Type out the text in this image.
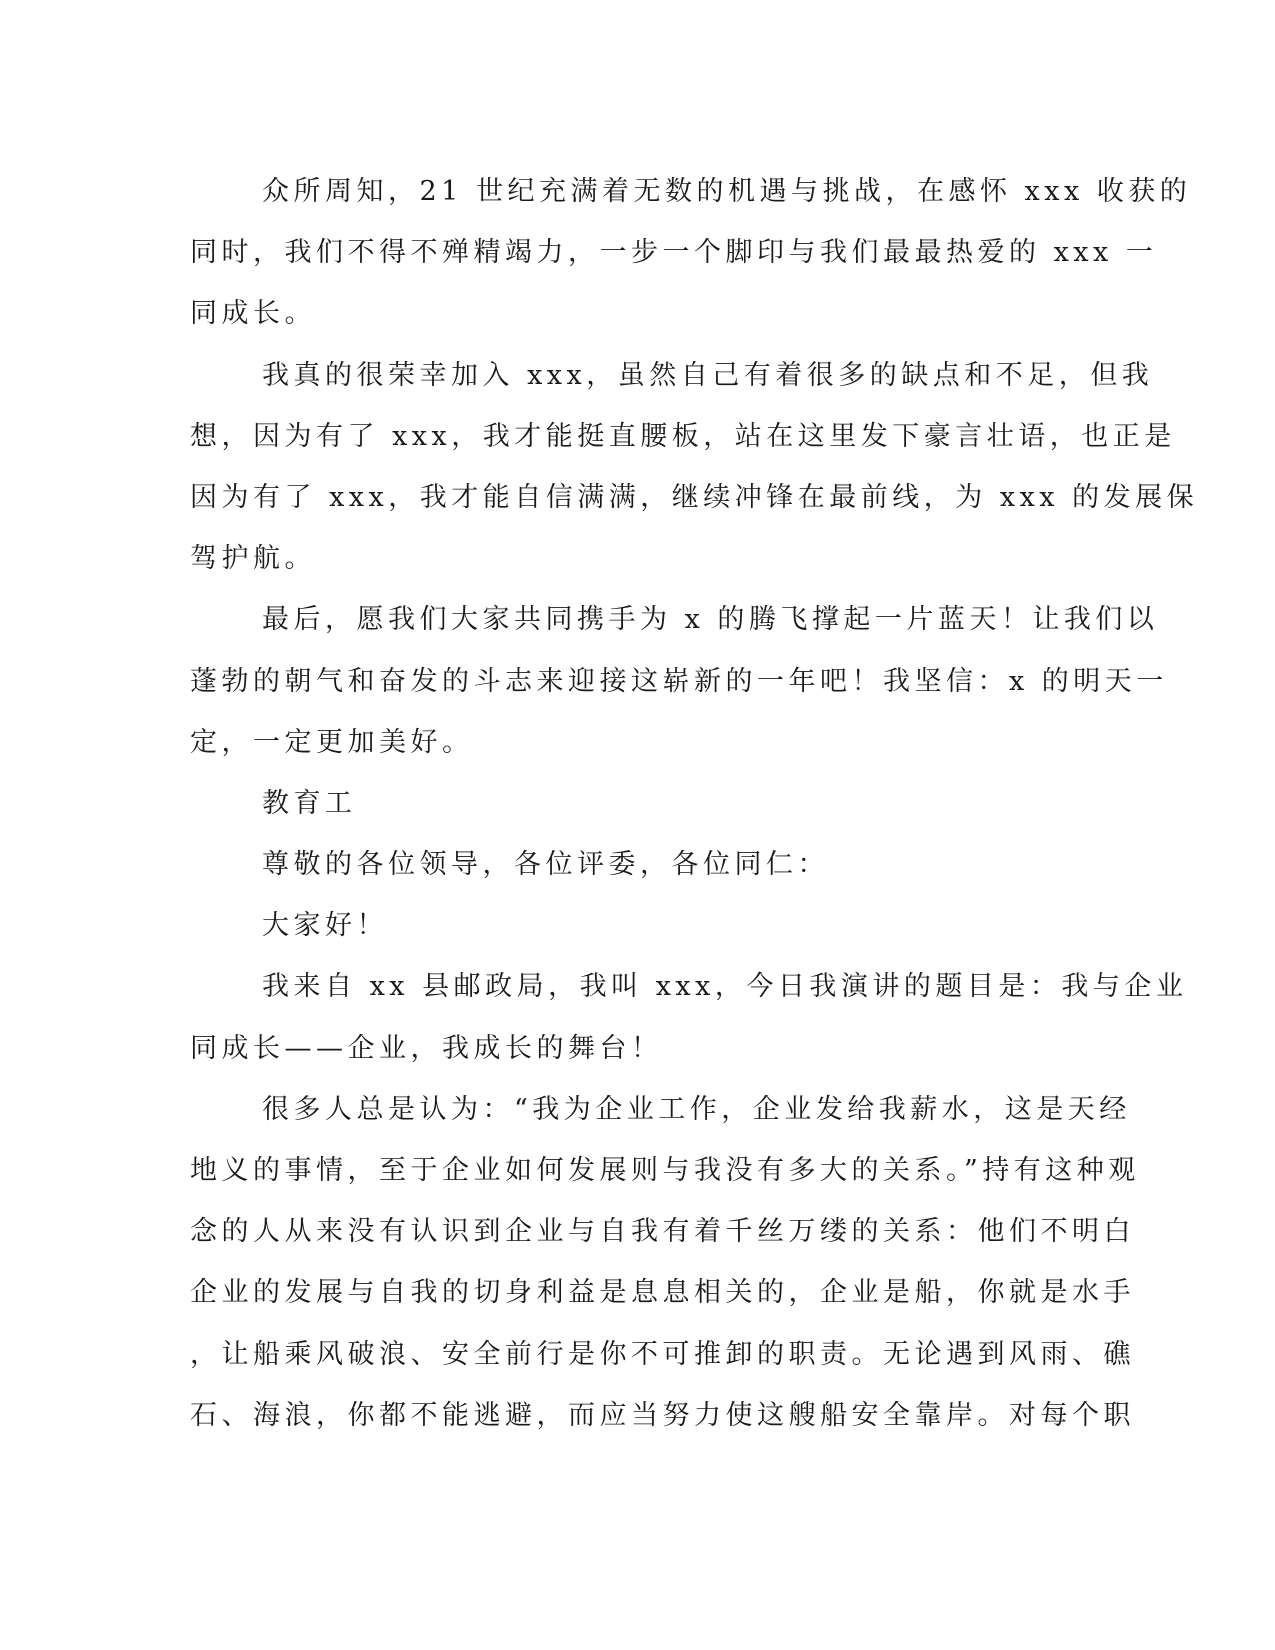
众所周知，21 世纪充满着无数的机遇与挑战，在感怀 xxx 收获的
同时，我们不得不殚精竭力，一步一个脚印与我们最最热爱的 xxx 一
同成长。
我真的很荣幸加入 xxx，虽然自己有着很多的缺点和不足，但我
想，因为有了 xxx，我才能挺直腰板，站在这里发下豪言壮语，也正是
因为有了 xxx，我才能自信满满，继续冲锋在最前线，为 xxx 的发展保
驾护航。
最后，愿我们大家共同携手为 x 的腾飞撑起一片蓝天！让我们以
蓬勃的朝气和奋发的斗志来迎接这崭新的一年吧！我坚信：x 的明天一
定，一定更加美好。
教育工
尊敬的各位领导，各位评委，各位同仁：
大家好！
我来自 xx 县邮政局，我叫 xxx，今日我演讲的题目是：我与企业
同成长——企业，我成长的舞台！
很多人总是认为：“我为企业工作，企业发给我薪水，这是天经
地义的事情，至于企业如何发展则与我没有多大的关系。”持有这种观
念的人从来没有认识到企业与自我有着千丝万缕的关系：他们不明白
企业的发展与自我的切身利益是息息相关的，企业是船，你就是水手
，让船乘风破浪、安全前行是你不可推卸的职责。无论遇到风雨、礁
石、海浪，你都不能逃避，而应当努力使这艘船安全靠岸。对每个职
